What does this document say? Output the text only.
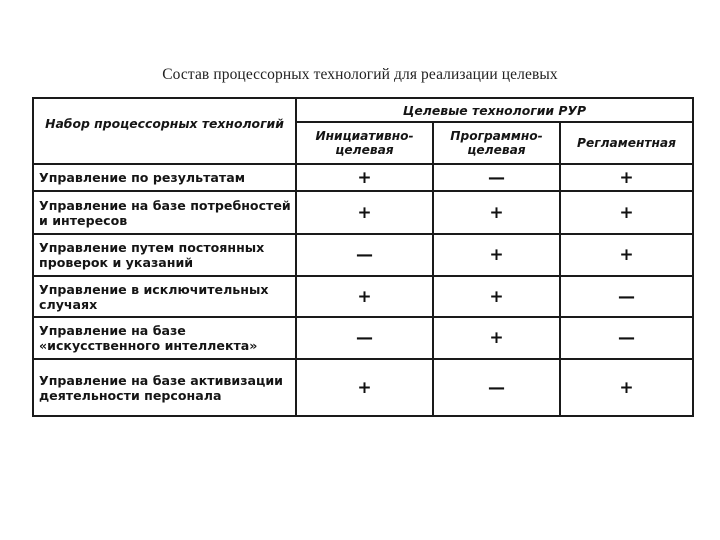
Состав процессорных технологий для реализации целевых
Набор процессорных технологий	Целевые технологии РУР		
	Инициативно-целевая	Программно-целевая	Регламентная
Управление по результатам	+	—	+
Управление на базе потребностей и интересов	+	+	+
Управление путем постоянных проверок и указаний	—	+	+
Управление в исключительных случаях	+	+	—
Управление на базе «искусственного интеллекта»	—	+	—
Управление на базе активизации деятельности персонала	+	—	+
